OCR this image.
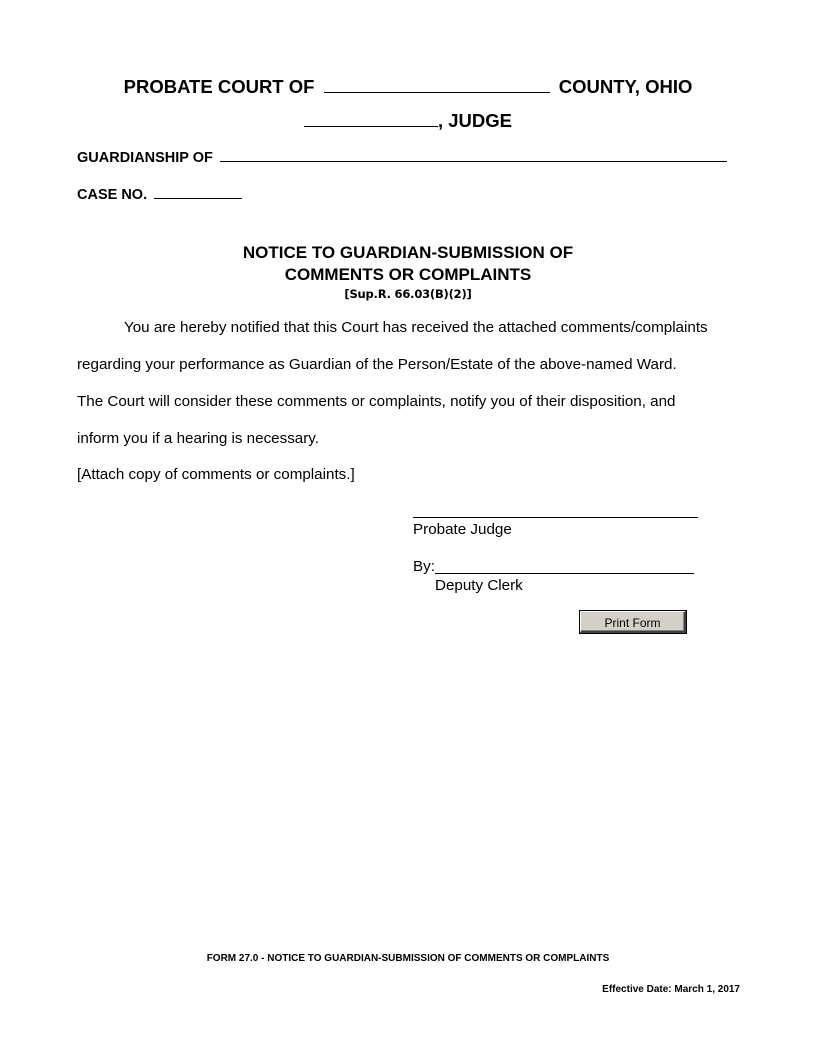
PROBATE COURT OF	COUNTY, OHIO
, JUDGE
GUARDIANSHIP OF
CASE NO.
NOTICE TO GUARDIAN-SUBMISSION OF
COMMENTS OR COMPLAINTS
[Sup.R. 66.03(B)(2)]
You are hereby notified that this Court has received the attached comments/complaints
regarding your performance as Guardian of the Person/Estate of the above-named Ward.
The Court will consider these comments or complaints, notify you of their disposition, and
inform you if a hearing is necessary.
[Attach copy of comments or complaints.]
Probate Judge
By:
Deputy Clerk
Print Form
FORM 27.0 - NOTICE TO GUARDIAN-SUBMISSION OF COMMENTS OR COMPLAINTS
Effective Date: March 1, 2017
